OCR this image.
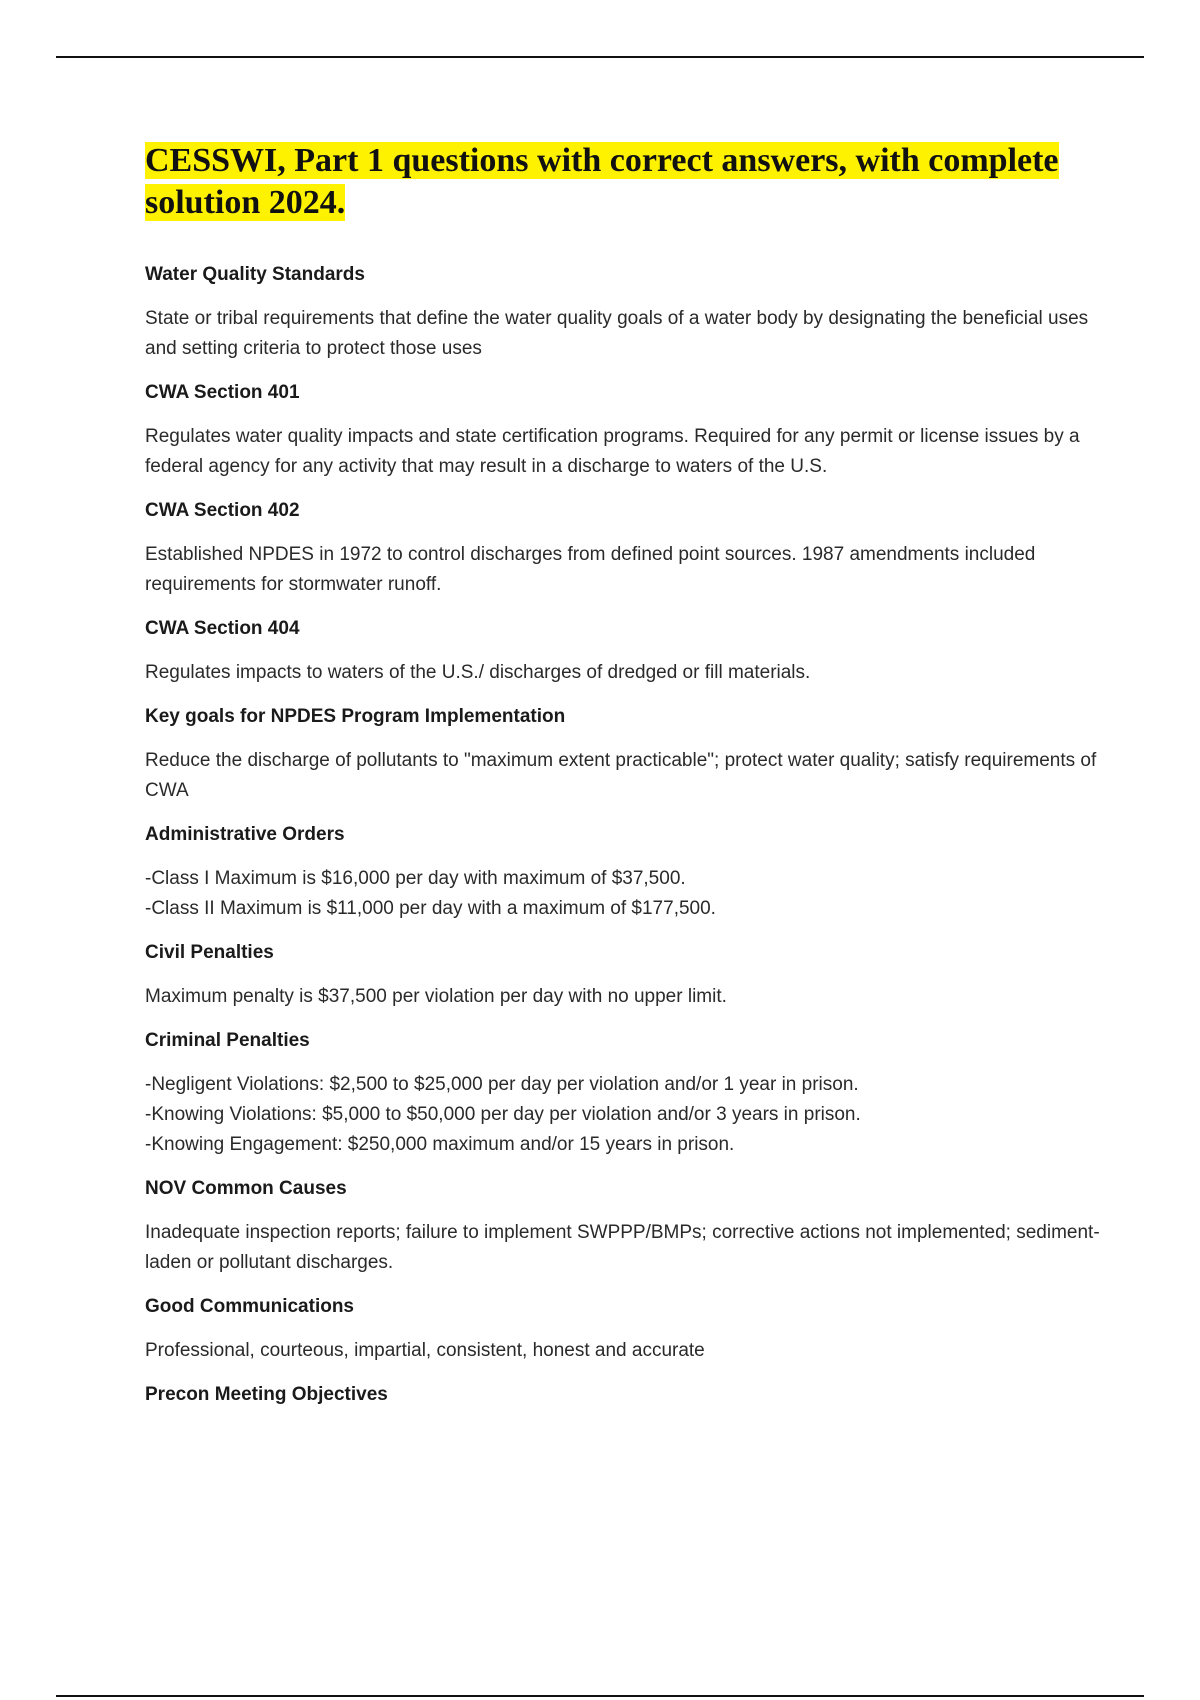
CESSWI, Part 1 questions with correct answers, with complete solution 2024.

Water Quality Standards

State or tribal requirements that define the water quality goals of a water body by designating the beneficial uses and setting criteria to protect those uses

CWA Section 401

Regulates water quality impacts and state certification programs. Required for any permit or license issues by a federal agency for any activity that may result in a discharge to waters of the U.S.

CWA Section 402

Established NPDES in 1972 to control discharges from defined point sources. 1987 amendments included requirements for stormwater runoff.

CWA Section 404

Regulates impacts to waters of the U.S./ discharges of dredged or fill materials.

Key goals for NPDES Program Implementation

Reduce the discharge of pollutants to "maximum extent practicable"; protect water quality; satisfy requirements of CWA

Administrative Orders

-Class I Maximum is $16,000 per day with maximum of $37,500.
-Class II Maximum is $11,000 per day with a maximum of $177,500.

Civil Penalties

Maximum penalty is $37,500 per violation per day with no upper limit.

Criminal Penalties

-Negligent Violations: $2,500 to $25,000 per day per violation and/or 1 year in prison.
-Knowing Violations: $5,000 to $50,000 per day per violation and/or 3 years in prison.
-Knowing Engagement: $250,000 maximum and/or 15 years in prison.

NOV Common Causes

Inadequate inspection reports; failure to implement SWPPP/BMPs; corrective actions not implemented; sediment-laden or pollutant discharges.

Good Communications

Professional, courteous, impartial, consistent, honest and accurate

Precon Meeting Objectives
